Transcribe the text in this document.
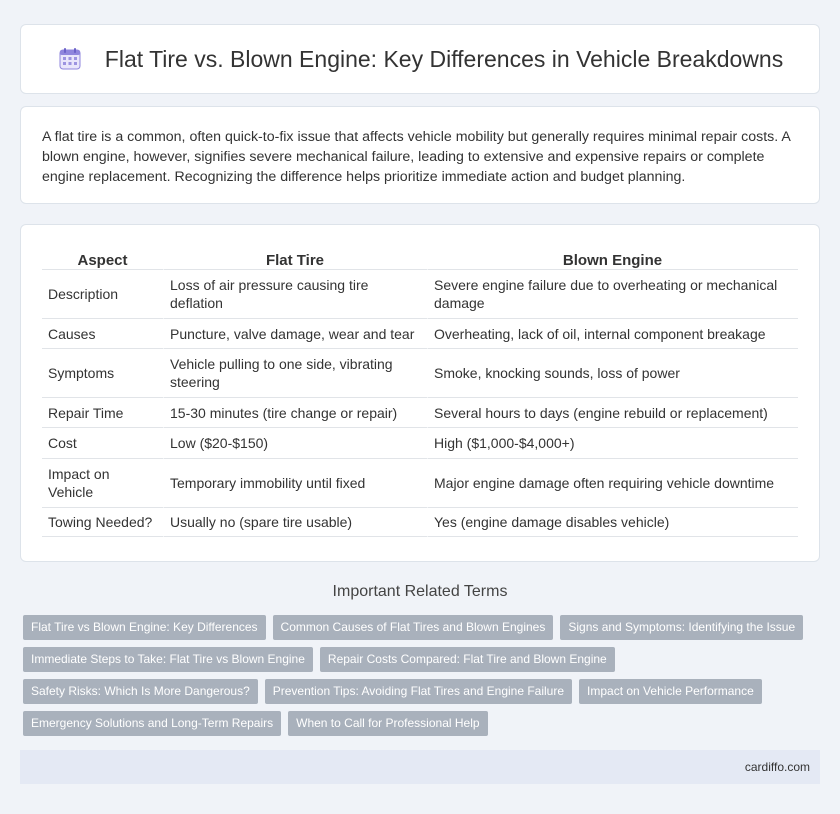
Flat Tire vs. Blown Engine: Key Differences in Vehicle Breakdowns

A flat tire is a common, often quick-to-fix issue that affects vehicle mobility but generally requires minimal repair costs. A blown engine, however, signifies severe mechanical failure, leading to extensive and expensive repairs or complete engine replacement. Recognizing the difference helps prioritize immediate action and budget planning.

Aspect	Flat Tire	Blown Engine
Description	Loss of air pressure causing tire deflation	Severe engine failure due to overheating or mechanical damage
Causes	Puncture, valve damage, wear and tear	Overheating, lack of oil, internal component breakage
Symptoms	Vehicle pulling to one side, vibrating steering	Smoke, knocking sounds, loss of power
Repair Time	15-30 minutes (tire change or repair)	Several hours to days (engine rebuild or replacement)
Cost	Low ($20-$150)	High ($1,000-$4,000+)
Impact on Vehicle	Temporary immobility until fixed	Major engine damage often requiring vehicle downtime
Towing Needed?	Usually no (spare tire usable)	Yes (engine damage disables vehicle)
Important Related Terms
Flat Tire vs Blown Engine: Key Differences	Common Causes of Flat Tires and Blown Engines	Signs and Symptoms: Identifying the Issue
Immediate Steps to Take: Flat Tire vs Blown Engine	Repair Costs Compared: Flat Tire and Blown Engine
Safety Risks: Which Is More Dangerous?	Prevention Tips: Avoiding Flat Tires and Engine Failure	Impact on Vehicle Performance
Emergency Solutions and Long-Term Repairs	When to Call for Professional Help
cardiffo.com
